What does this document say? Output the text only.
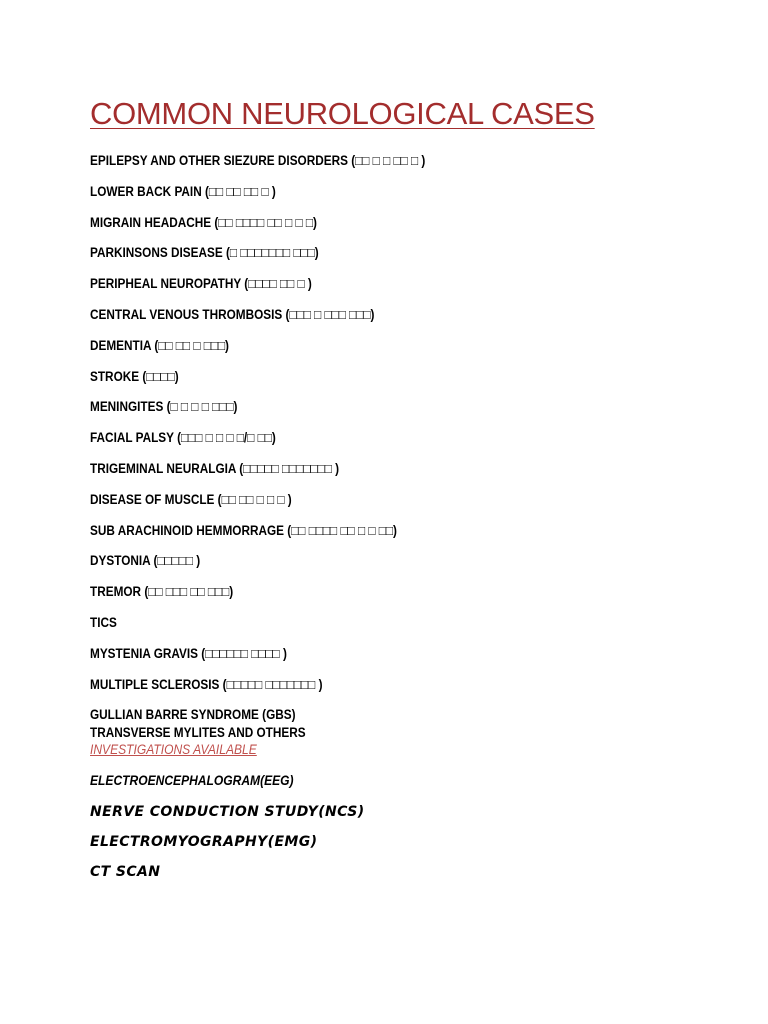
COMMON NEUROLOGICAL CASES
EPILEPSY AND OTHER SIEZURE DISORDERS (□□ □ □ □□ □ )
LOWER BACK PAIN (□□ □□ □□ □ )
MIGRAIN HEADACHE (□□ □□□□ □□ □ □ □)
PARKINSONS DISEASE (□ □□□□□□□ □□□)
PERIPHEAL NEUROPATHY (□□□□ □□ □ )
CENTRAL VENOUS THROMBOSIS (□□□ □ □□□ □□□)
DEMENTIA (□□ □□ □ □□□)
STROKE (□□□□)
MENINGITES (□ □ □ □ □□□)
FACIAL PALSY (□□□ □ □ □ □/□ □□)
TRIGEMINAL NEURALGIA (□□□□□ □□□□□□□ )
DISEASE OF MUSCLE (□□ □□ □ □ □ )
SUB ARACHINOID HEMMORRAGE (□□ □□□□ □□ □ □ □□)
DYSTONIA (□□□□□ )
TREMOR (□□ □□□ □□ □□□)
TICS
MYSTENIA GRAVIS (□□□□□□ □□□□ )
MULTIPLE SCLEROSIS (□□□□□ □□□□□□□ )
GULLIAN BARRE SYNDROME (GBS)
TRANSVERSE MYLITES AND OTHERS
INVESTIGATIONS AVAILABLE
ELECTROENCEPHALOGRAM(EEG)
NERVE CONDUCTION STUDY(NCS)
ELECTROMYOGRAPHY(EMG)
CT SCAN
